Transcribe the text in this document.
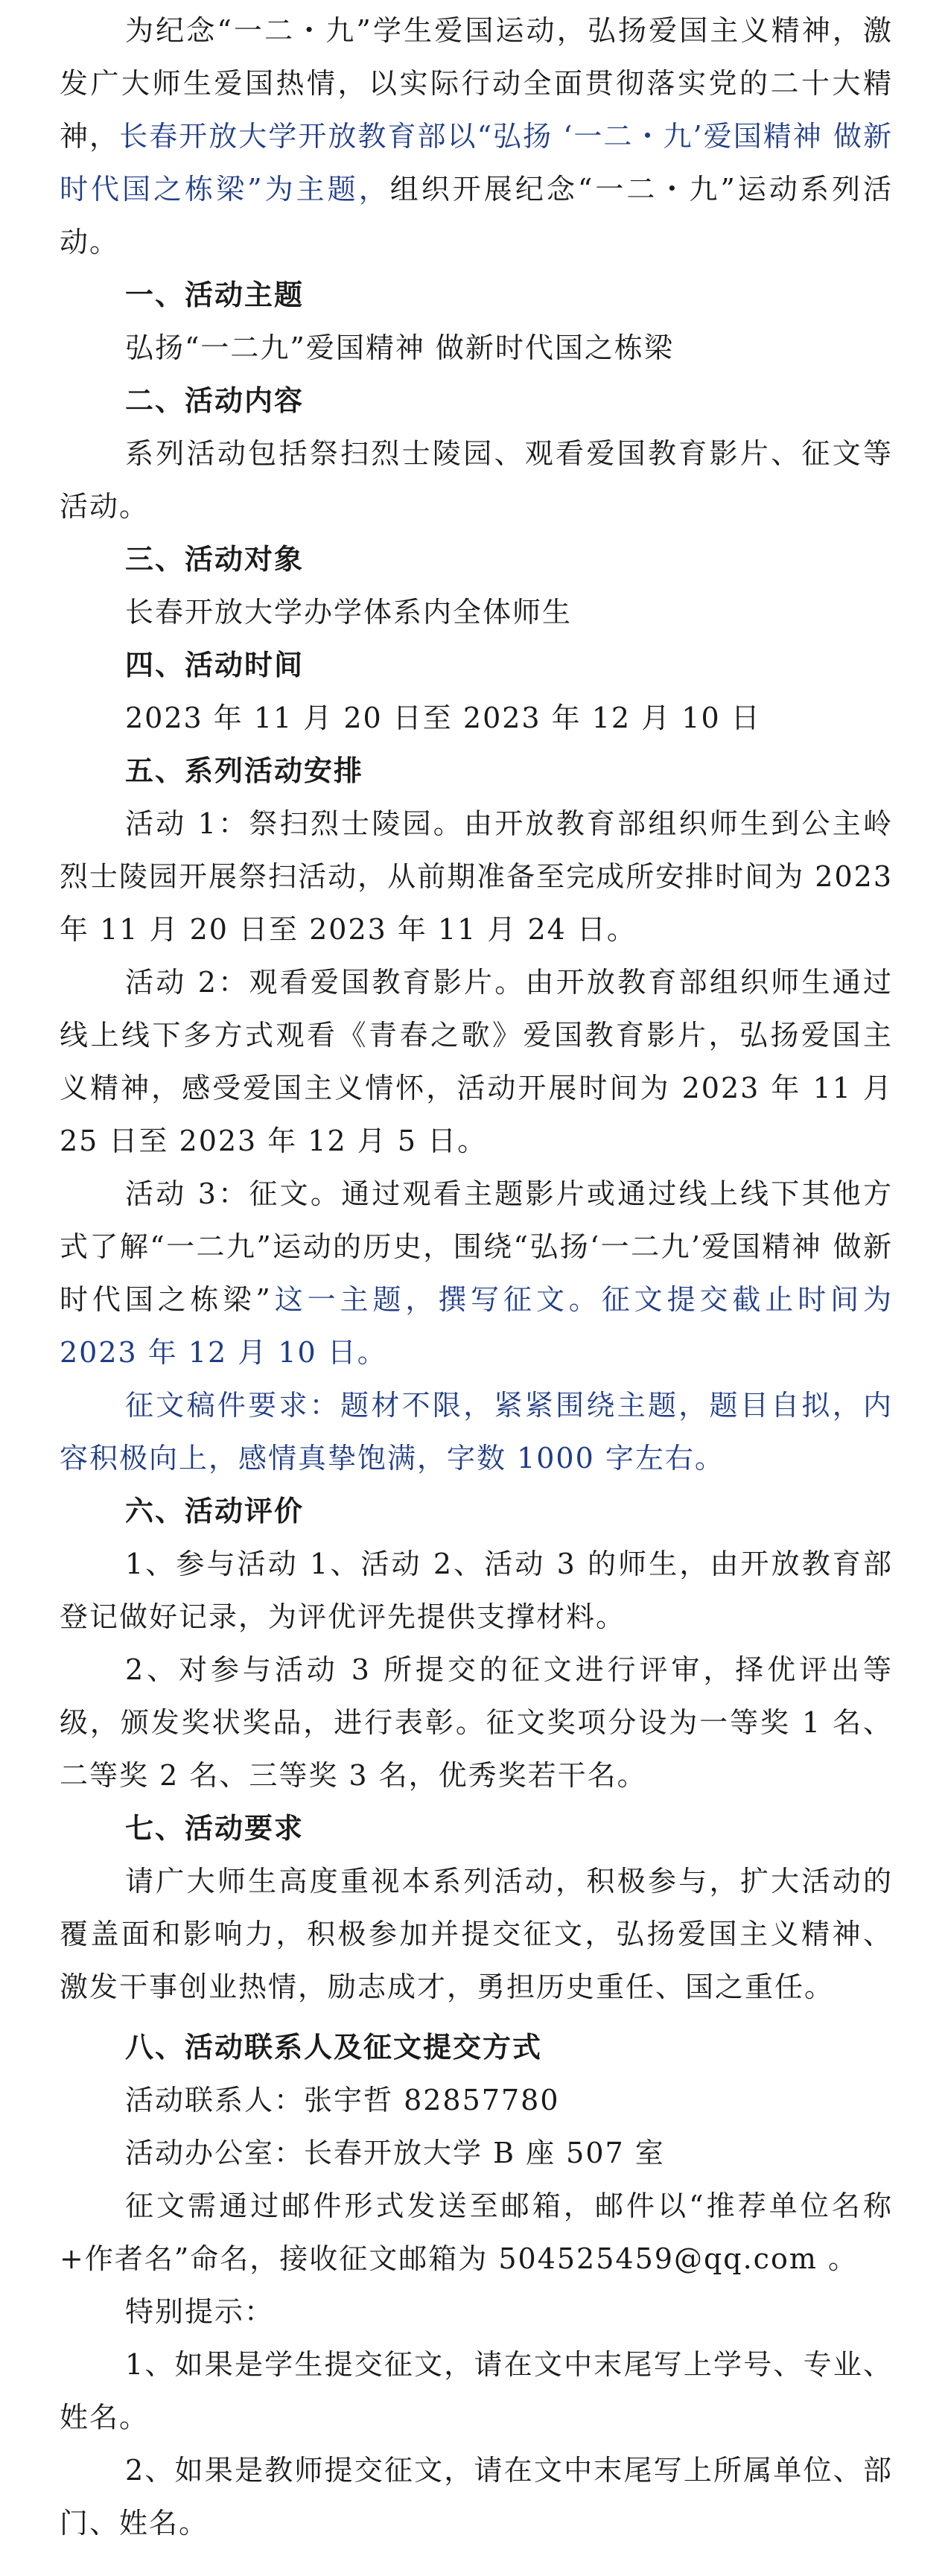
为纪念“一二・九”学生爱国运动，弘扬爱国主义精神，激发广大师生爱国热情，以实际行动全面贯彻落实党的二十大精神，长春开放大学开放教育部以“弘扬 ‘一二・九’爱国精神 做新时代国之栋梁”为主题，组织开展纪念“一二・九”运动系列活动。

一、活动主题

弘扬“一二九”爱国精神 做新时代国之栋梁

二、活动内容

系列活动包括祭扫烈士陵园、观看爱国教育影片、征文等活动。

三、活动对象

长春开放大学办学体系内全体师生

四、活动时间

2023 年 11 月 20 日至 2023 年 12 月 10 日

五、系列活动安排

活动 1：祭扫烈士陵园。由开放教育部组织师生到公主岭烈士陵园开展祭扫活动，从前期准备至完成所安排时间为 2023 年 11 月 20 日至 2023 年 11 月 24 日。

活动 2：观看爱国教育影片。由开放教育部组织师生通过线上线下多方式观看《青春之歌》爱国教育影片，弘扬爱国主义精神，感受爱国主义情怀，活动开展时间为 2023 年 11 月 25 日至 2023 年 12 月 5 日。

活动 3：征文。通过观看主题影片或通过线上线下其他方式了解“一二九”运动的历史，围绕“弘扬‘一二九’爱国精神 做新时代国之栋梁”这一主题，撰写征文。征文提交截止时间为 2023 年 12 月 10 日。

征文稿件要求：题材不限，紧紧围绕主题，题目自拟，内容积极向上，感情真挚饱满，字数 1000 字左右。

六、活动评价

1、参与活动 1、活动 2、活动 3 的师生，由开放教育部登记做好记录，为评优评先提供支撑材料。

2、对参与活动 3 所提交的征文进行评审，择优评出等级，颁发奖状奖品，进行表彰。征文奖项分设为一等奖 1 名、二等奖 2 名、三等奖 3 名，优秀奖若干名。

七、活动要求

请广大师生高度重视本系列活动，积极参与，扩大活动的覆盖面和影响力，积极参加并提交征文，弘扬爱国主义精神、激发干事创业热情，励志成才，勇担历史重任、国之重任。

八、活动联系人及征文提交方式

活动联系人：张宇哲 82857780

活动办公室：长春开放大学 B 座 507 室

征文需通过邮件形式发送至邮箱，邮件以“推荐单位名称+作者名”命名，接收征文邮箱为 504525459@qq.com 。

特别提示：

1、如果是学生提交征文，请在文中末尾写上学号、专业、姓名。

2、如果是教师提交征文，请在文中末尾写上所属单位、部门、姓名。
